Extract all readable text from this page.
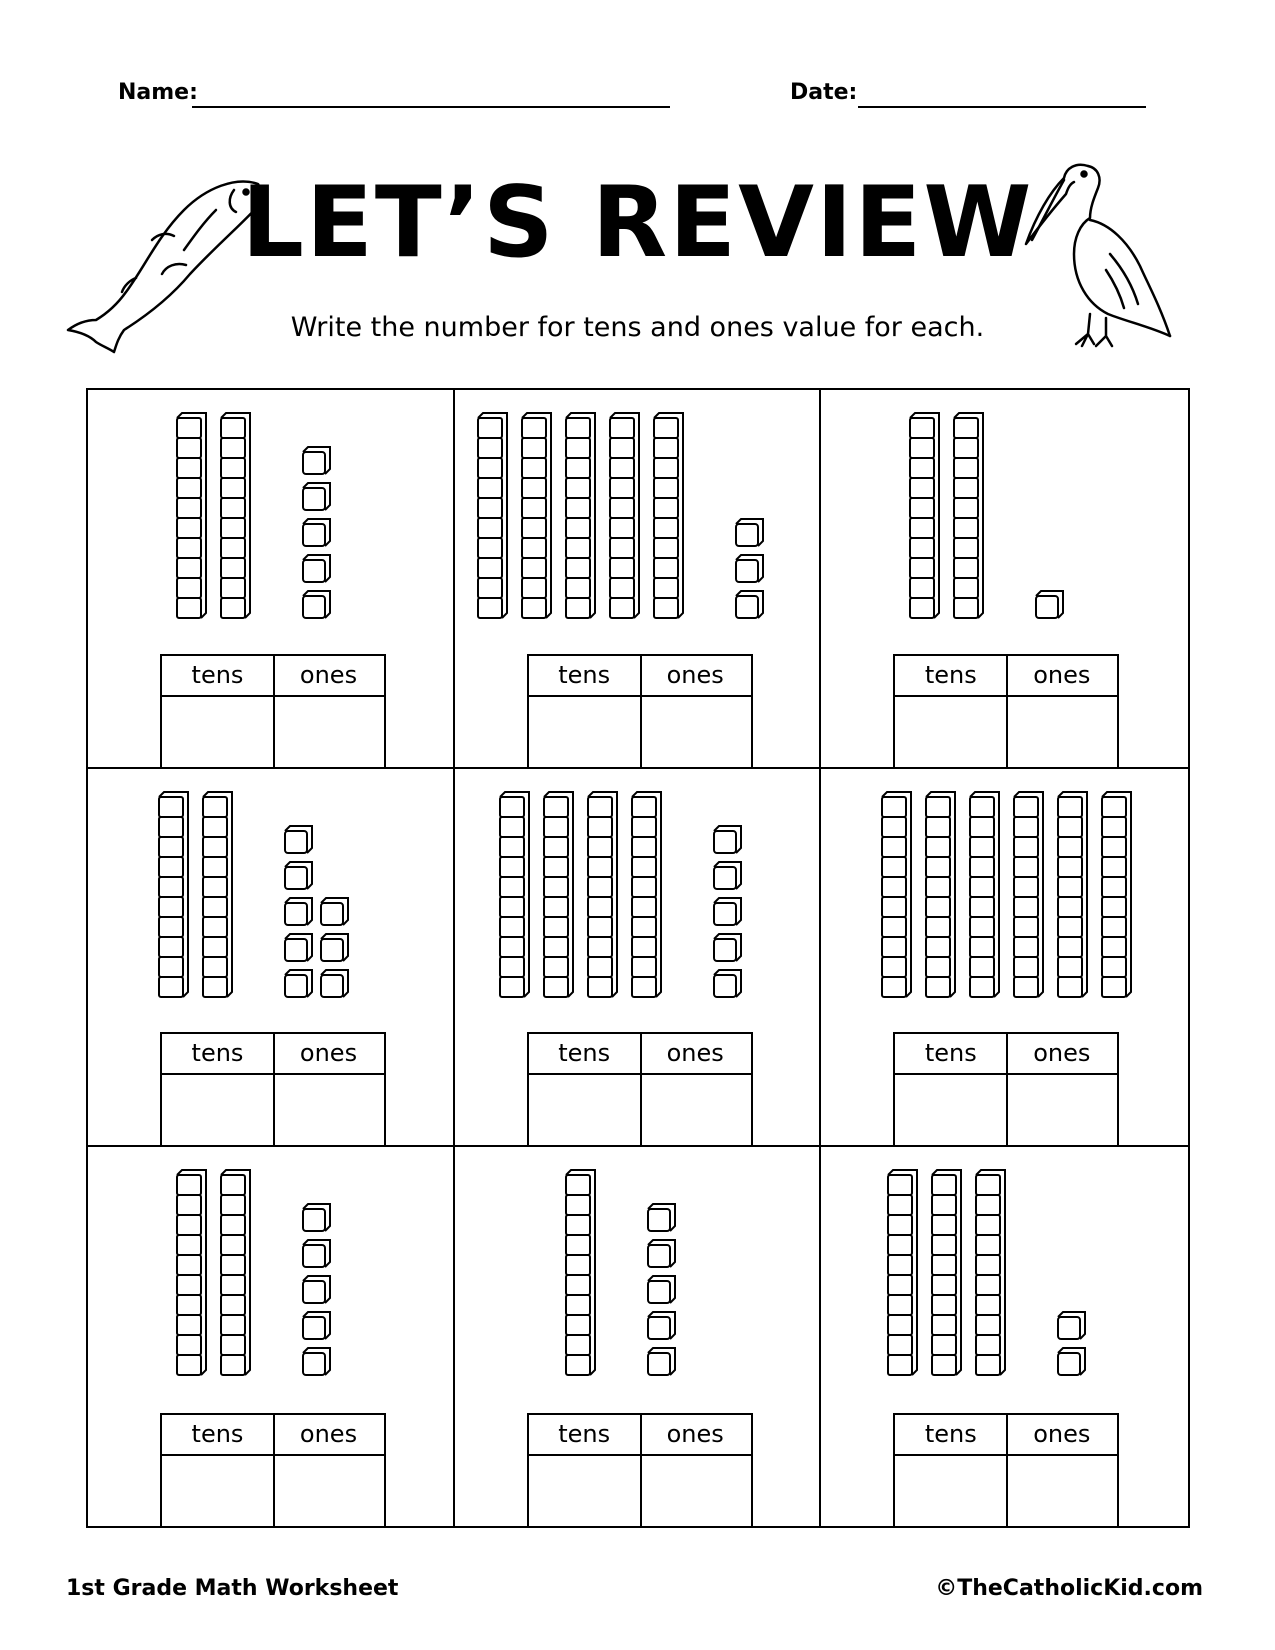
Name:	Date:
LET’S REVIEW
Write the number for tens and ones value for each.
tens	ones	tens	ones	tens	ones
tens	ones	tens	ones	tens	ones
tens	ones	tens	ones	tens	ones
1st Grade Math Worksheet	©TheCatholicKid.com
